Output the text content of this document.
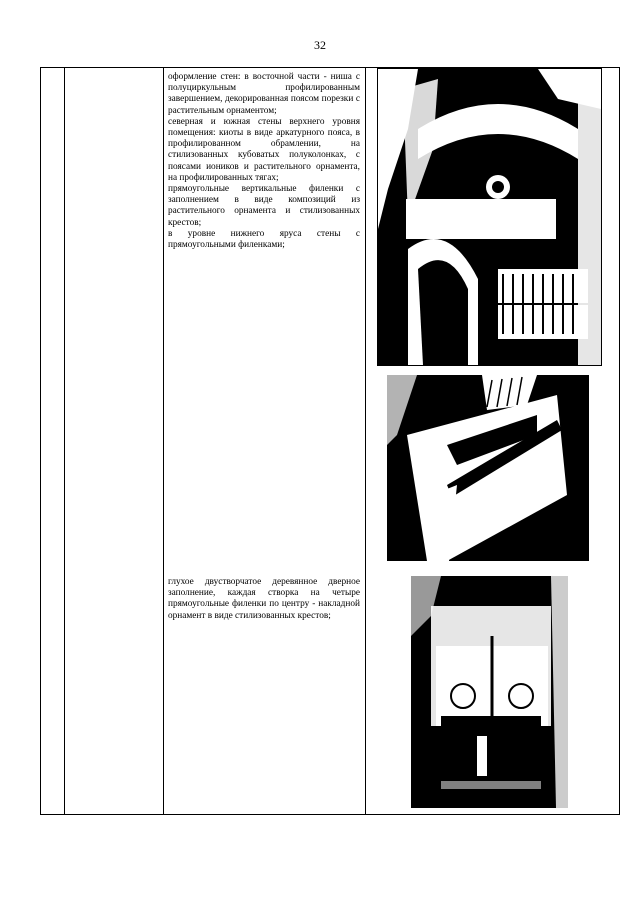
32

оформление стен: в восточной части - ниша с полуциркульным профилированным завершением, декорированная поясом порезки с растительным орнаментом;

северная и южная стены верхнего уровня помещения: киоты в виде аркатурного пояса, в профилированном обрамлении, на стилизованных кубоватых полуколонках, с поясами иоников и растительного орнамента, на профилированных тягах;

прямоугольные вертикальные филенки с заполнением в виде композиций из растительного орнамента и стилизованных крестов;

в уровне нижнего яруса стены с прямоугольными филенками;

глухое двустворчатое деревянное дверное заполнение, каждая створка на четыре прямоугольные филенки по центру - накладной орнамент в виде стилизованных крестов;
